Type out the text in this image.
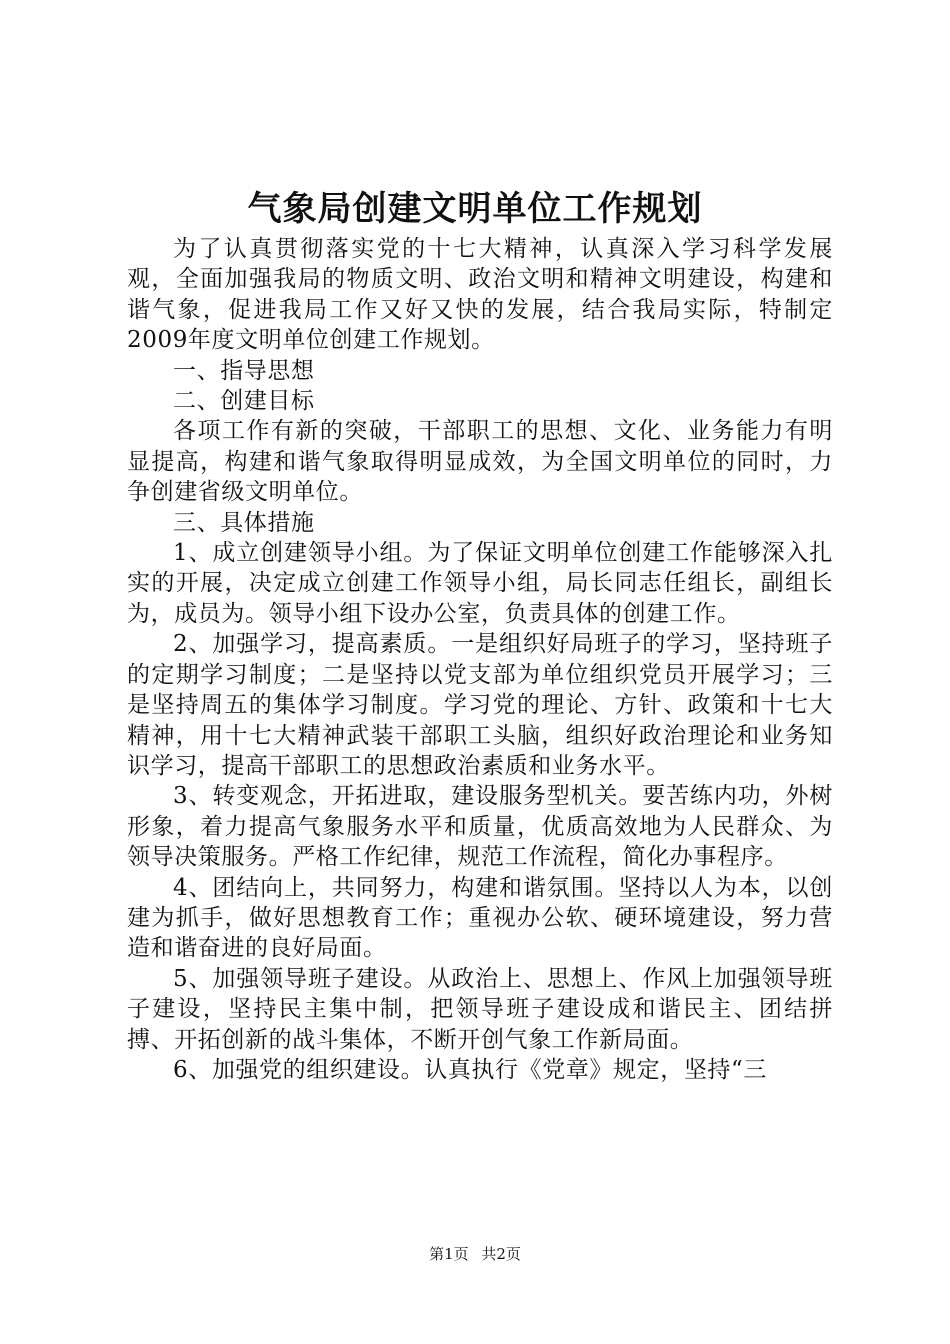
气象局创建文明单位工作规划

为了认真贯彻落实党的十七大精神，认真深入学习科学发展观，全面加强我局的物质文明、政治文明和精神文明建设，构建和谐气象，促进我局工作又好又快的发展，结合我局实际，特制定2009年度文明单位创建工作规划。

一、指导思想

二、创建目标

各项工作有新的突破，干部职工的思想、文化、业务能力有明显提高，构建和谐气象取得明显成效，为全国文明单位的同时，力争创建省级文明单位。

三、具体措施

1、成立创建领导小组。为了保证文明单位创建工作能够深入扎实的开展，决定成立创建工作领导小组，局长同志任组长，副组长为，成员为。领导小组下设办公室，负责具体的创建工作。

2、加强学习，提高素质。一是组织好局班子的学习，坚持班子的定期学习制度；二是坚持以党支部为单位组织党员开展学习；三是坚持周五的集体学习制度。学习党的理论、方针、政策和十七大精神，用十七大精神武装干部职工头脑，组织好政治理论和业务知识学习，提高干部职工的思想政治素质和业务水平。

3、转变观念，开拓进取，建设服务型机关。要苦练内功，外树形象，着力提高气象服务水平和质量，优质高效地为人民群众、为领导决策服务。严格工作纪律，规范工作流程，简化办事程序。

4、团结向上，共同努力，构建和谐氛围。坚持以人为本，以创建为抓手，做好思想教育工作；重视办公软、硬环境建设，努力营造和谐奋进的良好局面。

5、加强领导班子建设。从政治上、思想上、作风上加强领导班子建设，坚持民主集中制，把领导班子建设成和谐民主、团结拼搏、开拓创新的战斗集体，不断开创气象工作新局面。

6、加强党的组织建设。认真执行《党章》规定，坚持“三

第1页 共2页
